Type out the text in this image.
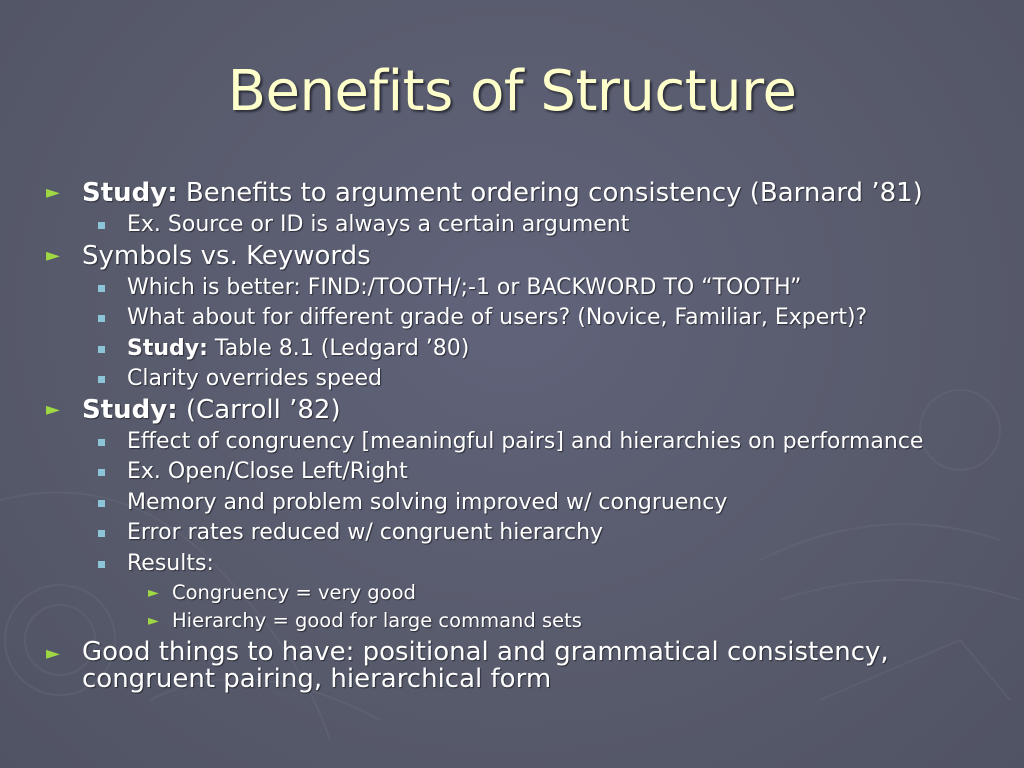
Benefits of Structure
► Study: Benefits to argument ordering consistency (Barnard ’81)
Ex. Source or ID is always a certain argument
► Symbols vs. Keywords
Which is better: FIND:/TOOTH/;-1 or BACKWORD TO “TOOTH”
What about for different grade of users? (Novice, Familiar, Expert)?
Study: Table 8.1 (Ledgard ’80)
Clarity overrides speed
► Study: (Carroll ’82)
Effect of congruency [meaningful pairs] and hierarchies on performance
Ex. Open/Close Left/Right
Memory and problem solving improved w/ congruency
Error rates reduced w/ congruent hierarchy
Results:
► Congruency = very good
► Hierarchy = good for large command sets
► Good things to have: positional and grammatical consistency, congruent pairing, hierarchical form
